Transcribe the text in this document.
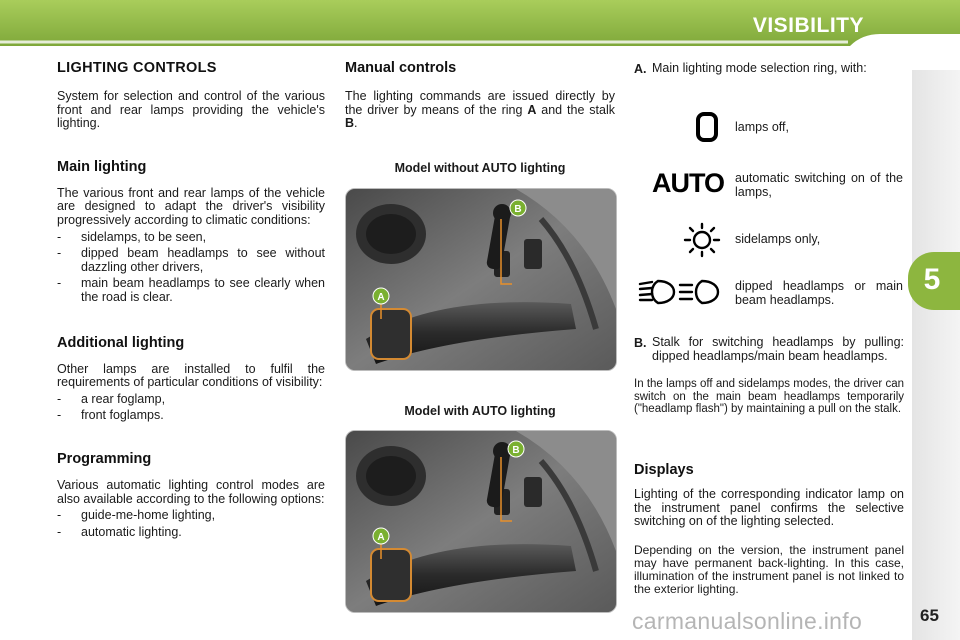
VISIBILITY
5
LIGHTING CONTROLS

System for selection and control of the various front and rear lamps providing the vehicle's lighting.

Main lighting

The various front and rear lamps of the vehicle are designed to adapt the driver's visibility progressively according to climatic conditions:

- sidelamps, to be seen,
- dipped beam headlamps to see without dazzling other drivers,
- main beam headlamps to see clearly when the road is clear.
Additional lighting

Other lamps are installed to fulfil the requirements of particular conditions of visibility:

- a rear foglamp,
- front foglamps.
Programming

Various automatic lighting control modes are also available according to the following options:

- guide-me-home lighting,
- automatic lighting.
Manual controls

The lighting commands are issued directly by the driver by means of the ring A and the stalk B.

Model without AUTO lighting
B
A
Model with AUTO lighting
B
A
A. Main lighting mode selection ring, with:

lamps off,
AUTO automatic switching on of the lamps,
sidelamps only,
dipped headlamps or main beam headlamps.
B. Stalk for switching headlamps by pulling: dipped headlamps/main beam headlamps.

In the lamps off and sidelamps modes, the driver can switch on the main beam headlamps temporarily ("headlamp flash") by maintaining a pull on the stalk.

Displays

Lighting of the corresponding indicator lamp on the instrument panel confirms the selective switching on of the lighting selected.

Depending on the version, the instrument panel may have permanent back-lighting. In this case, illumination of the instrument panel is not linked to the exterior lighting.

carmanualsonline.info	65
